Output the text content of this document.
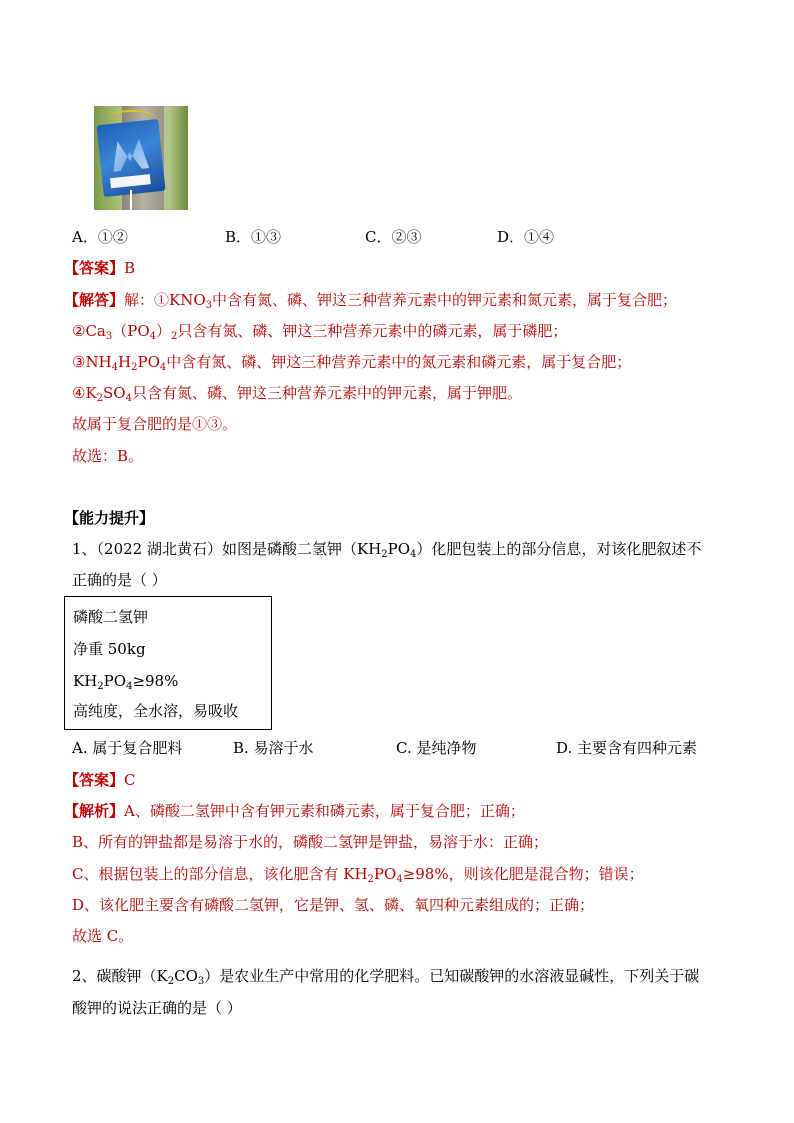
A．①②	B．①③	C．②③	D．①④
【答案】B
【解答】解：$①KNO_3$中含有氮、磷、钾这三种营养元素中的钾元素和氮元素，属于复合肥；
$②Ca_3(PO_4)_2$只含有氮、磷、钾这三种营养元素中的磷元素，属于磷肥；
$③NH_4H_2PO_4$中含有氮、磷、钾这三种营养元素中的氮元素和磷元素，属于复合肥；
$④K_2SO_4$只含有氮、磷、钾这三种营养元素中的钾元素，属于钾肥。
故属于复合肥的是①③。
故选：B。
【能力提升】
1、（2022 湖北黄石）如图是磷酸二氢钾$(KH_2PO_4)$化肥包装上的部分信息，对该化肥叙述不
正确的是（ ）
磷酸二氢钾
净重 50kg
$KH_2PO_4\ge 98\%$
高纯度，全水溶，易吸收
A. 属于复合肥料	B. 易溶于水	C. 是纯净物	D. 主要含有四种元素
【答案】C
【解析】A、磷酸二氢钾中含有钾元素和磷元素，属于复合肥；正确；
B、所有的钾盐都是易溶于水的，磷酸二氢钾是钾盐，易溶于水：正确；
C、根据包装上的部分信息，该化肥含有 $KH_2PO_4\ge 98\%$，则该化肥是混合物；错误；
D、该化肥主要含有磷酸二氢钾，它是钾、氢、磷、氧四种元素组成的；正确；
故选 C。
2、碳酸钾$(K_2CO_3)$是农业生产中常用的化学肥料。已知碳酸钾的水溶液显碱性，下列关于碳
酸钾的说法正确的是（ ）
